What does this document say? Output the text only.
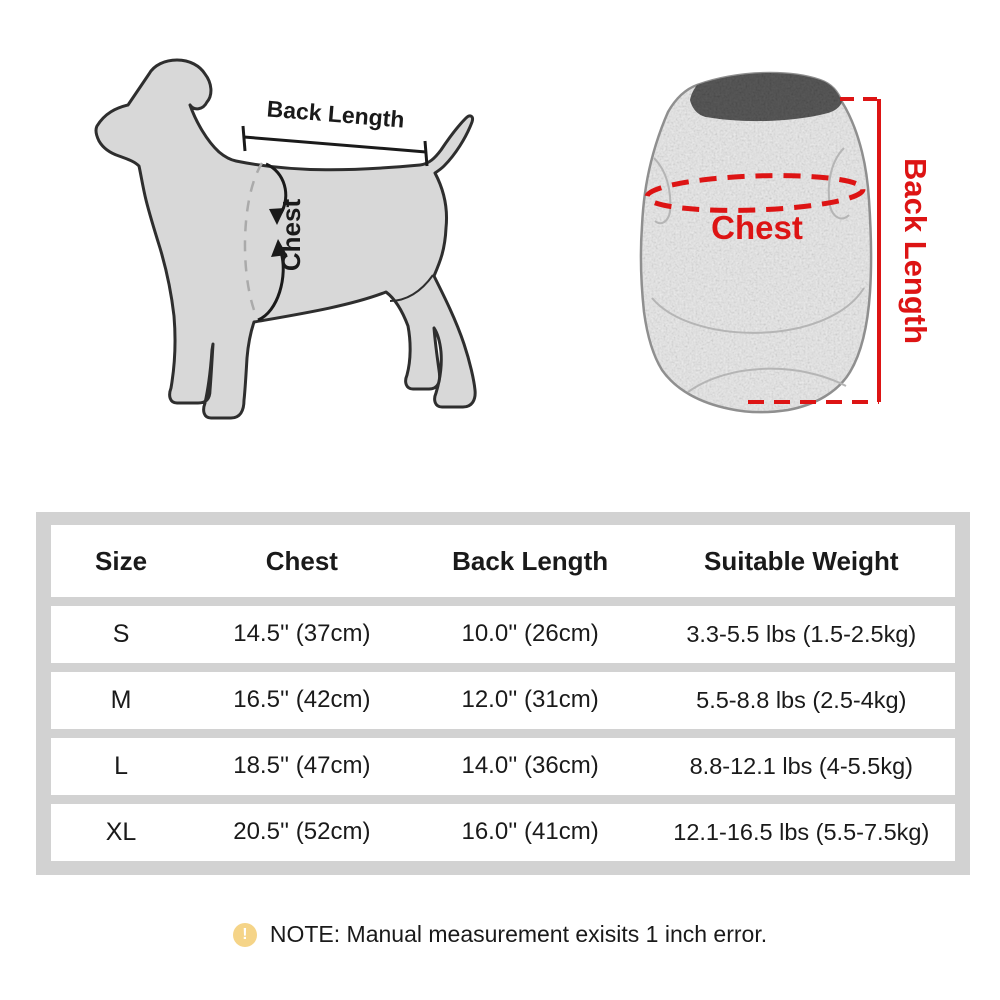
Chest
Back Length
Chest	Back Length
Size	Chest	Back Length	Suitable Weight
S	14.5'' (37cm)	10.0'' (26cm)	3.3-5.5 lbs (1.5-2.5kg)
M	16.5'' (42cm)	12.0'' (31cm)	5.5-8.8 lbs (2.5-4kg)
L	18.5'' (47cm)	14.0'' (36cm)	8.8-12.1 lbs (4-5.5kg)
XL	20.5'' (52cm)	16.0'' (41cm)	12.1-16.5 lbs (5.5-7.5kg)
! NOTE: Manual measurement exisits 1 inch error.
